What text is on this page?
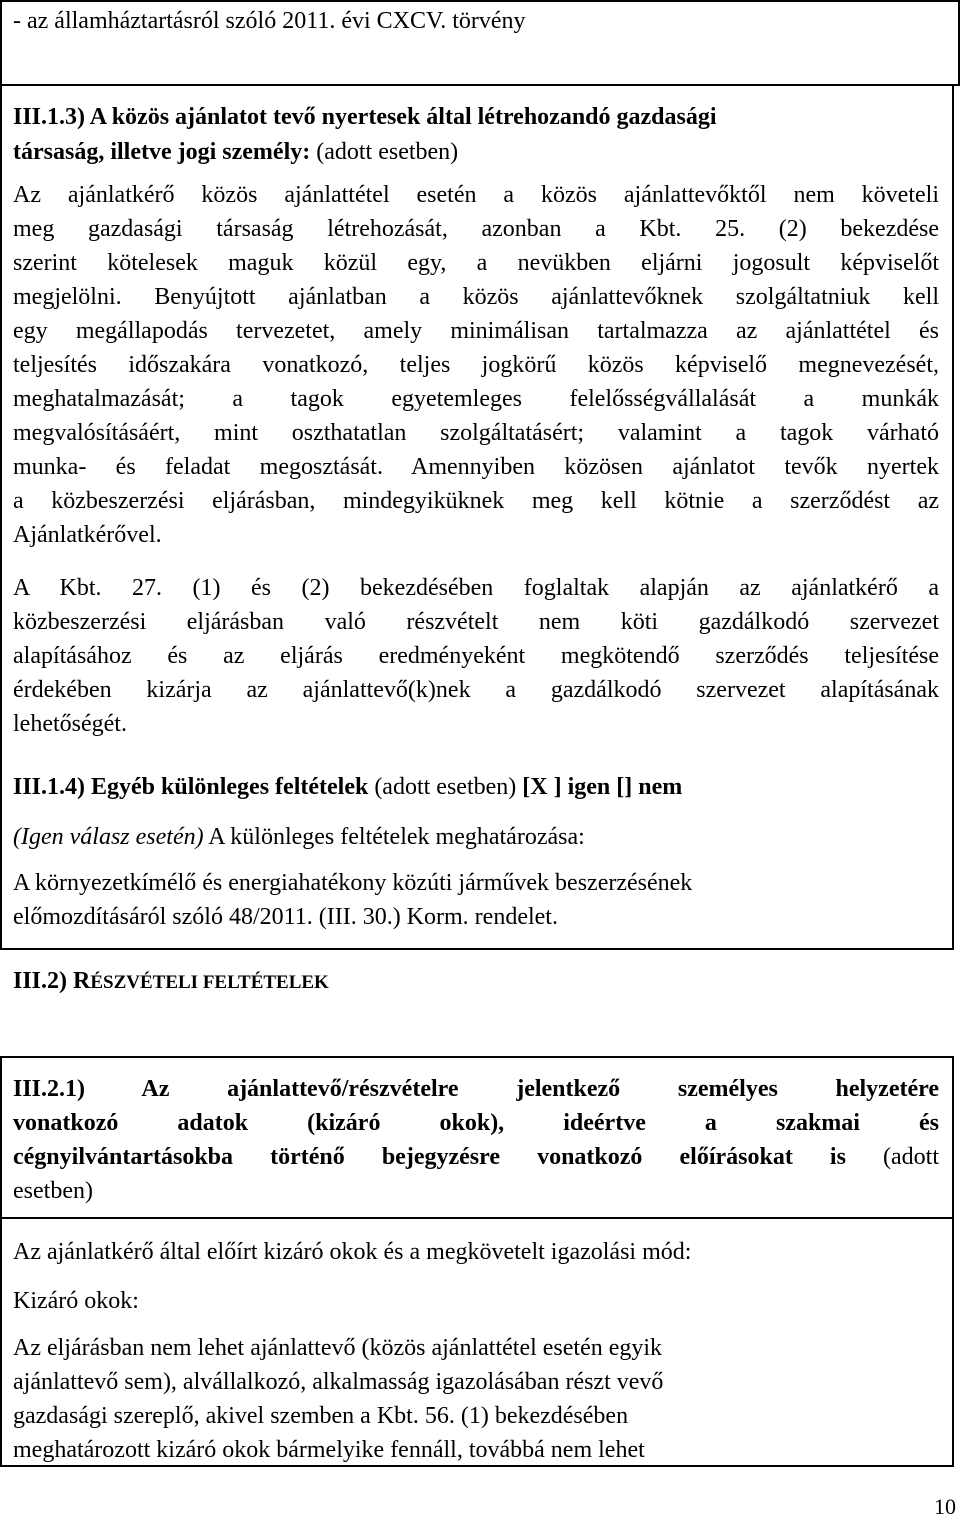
- az államháztartásról szóló 2011. évi CXCV. törvény

III.1.3) A közös ajánlatot tevő nyertesek által létrehozandó gazdasági

társaság, illetve jogi személy: (adott esetben)

Az ajánlatkérő közös ajánlattétel esetén a közös ajánlattevőktől nem követeli

meg gazdasági társaság létrehozását, azonban a Kbt. 25. (2) bekezdése

szerint kötelesek maguk közül egy, a nevükben eljárni jogosult képviselőt

megjelölni. Benyújtott ajánlatban a közös ajánlattevőknek szolgáltatniuk kell

egy megállapodás tervezetet, amely minimálisan tartalmazza az ajánlattétel és

teljesítés időszakára vonatkozó, teljes jogkörű közös képviselő megnevezését,

meghatalmazását; a tagok egyetemleges felelősségvállalását a munkák

megvalósításáért, mint oszthatatlan szolgáltatásért; valamint a tagok várható

munka- és feladat megosztását. Amennyiben közösen ajánlatot tevők nyertek

a közbeszerzési eljárásban, mindegyiküknek meg kell kötnie a szerződést az

Ajánlatkérővel.

A Kbt. 27. (1) és (2) bekezdésében foglaltak alapján az ajánlatkérő a

közbeszerzési eljárásban való részvételt nem köti gazdálkodó szervezet

alapításához és az eljárás eredményeként megkötendő szerződés teljesítése

érdekében kizárja az ajánlattevő(k)nek a gazdálkodó szervezet alapításának

lehetőségét.

III.1.4) Egyéb különleges feltételek (adott esetben) [X ] igen [] nem

(Igen válasz esetén) A különleges feltételek meghatározása:

A környezetkímélő és energiahatékony közúti járművek beszerzésének

előmozdításáról szóló 48/2011. (III. 30.) Korm. rendelet.

III.2) RÉSZVÉTELI FELTÉTELEK

III.2.1) Az ajánlattevő/részvételre jelentkező személyes helyzetére

vonatkozó adatok (kizáró okok), ideértve a szakmai és

cégnyilvántartásokba történő bejegyzésre vonatkozó előírásokat is (adott

esetben)

Az ajánlatkérő által előírt kizáró okok és a megkövetelt igazolási mód:

Kizáró okok:

Az eljárásban nem lehet ajánlattevő (közös ajánlattétel esetén egyik

ajánlattevő sem), alvállalkozó, alkalmasság igazolásában részt vevő

gazdasági szereplő, akivel szemben a Kbt. 56. (1) bekezdésében

meghatározott kizáró okok bármelyike fennáll, továbbá nem lehet

10
